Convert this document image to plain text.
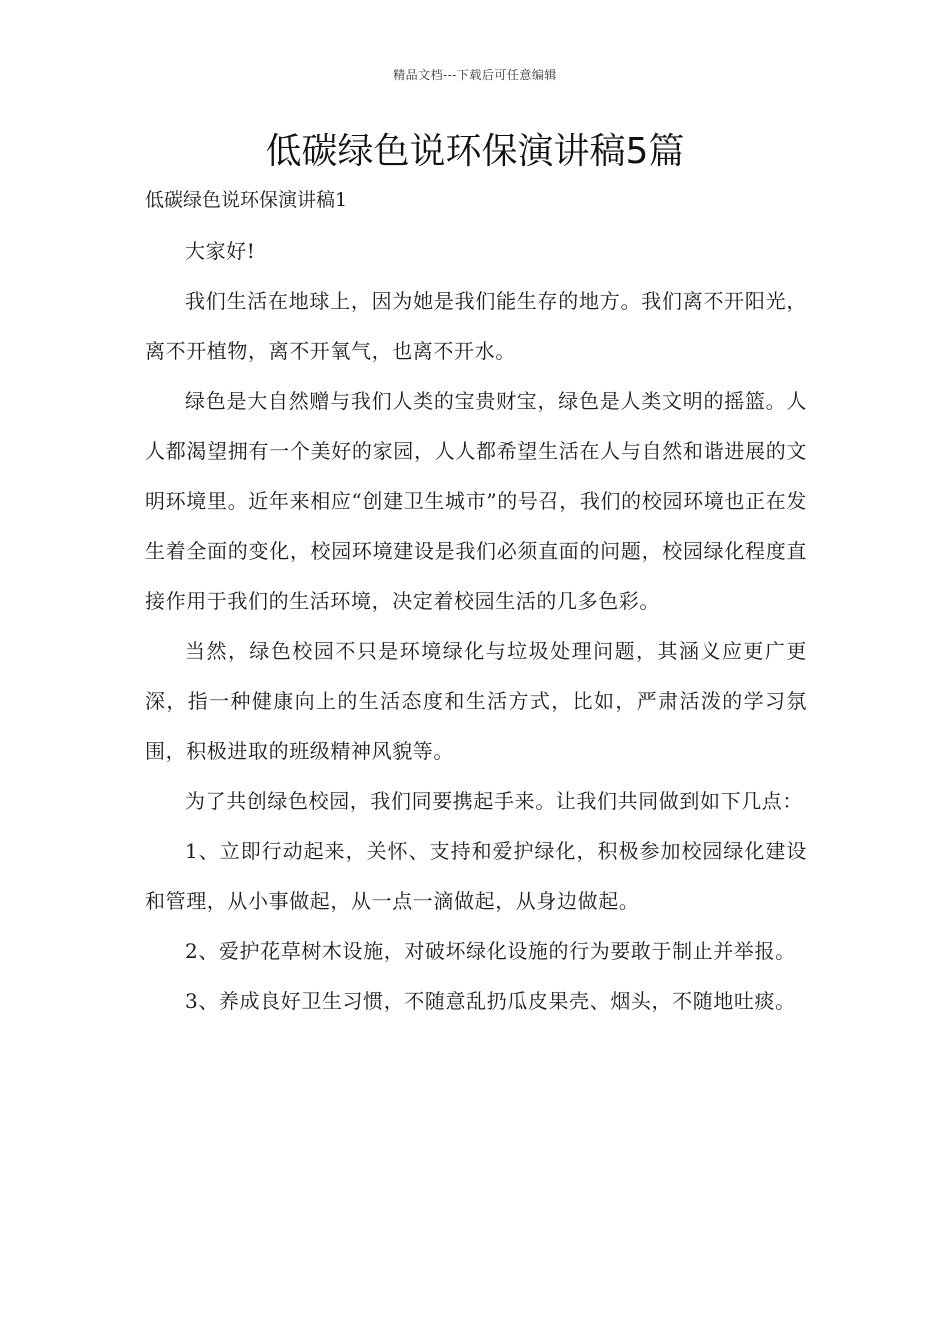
精品文档---下载后可任意编辑
低碳绿色说环保演讲稿5篇
低碳绿色说环保演讲稿1

大家好!

我们生活在地球上，因为她是我们能生存的地方。我们离不开阳光，离不开植物，离不开氧气，也离不开水。

绿色是大自然赠与我们人类的宝贵财宝，绿色是人类文明的摇篮。人人都渴望拥有一个美好的家园，人人都希望生活在人与自然和谐进展的文明环境里。近年来相应“创建卫生城市”的号召，我们的校园环境也正在发生着全面的变化，校园环境建设是我们必须直面的问题，校园绿化程度直接作用于我们的生活环境，决定着校园生活的几多色彩。

当然，绿色校园不只是环境绿化与垃圾处理问题，其涵义应更广更深，指一种健康向上的生活态度和生活方式，比如，严肃活泼的学习氛围，积极进取的班级精神风貌等。

为了共创绿色校园，我们同要携起手来。让我们共同做到如下几点：

1、立即行动起来，关怀、支持和爱护绿化，积极参加校园绿化建设和管理，从小事做起，从一点一滴做起，从身边做起。

2、爱护花草树木设施，对破坏绿化设施的行为要敢于制止并举报。

3、养成良好卫生习惯，不随意乱扔瓜皮果壳、烟头，不随地吐痰。
